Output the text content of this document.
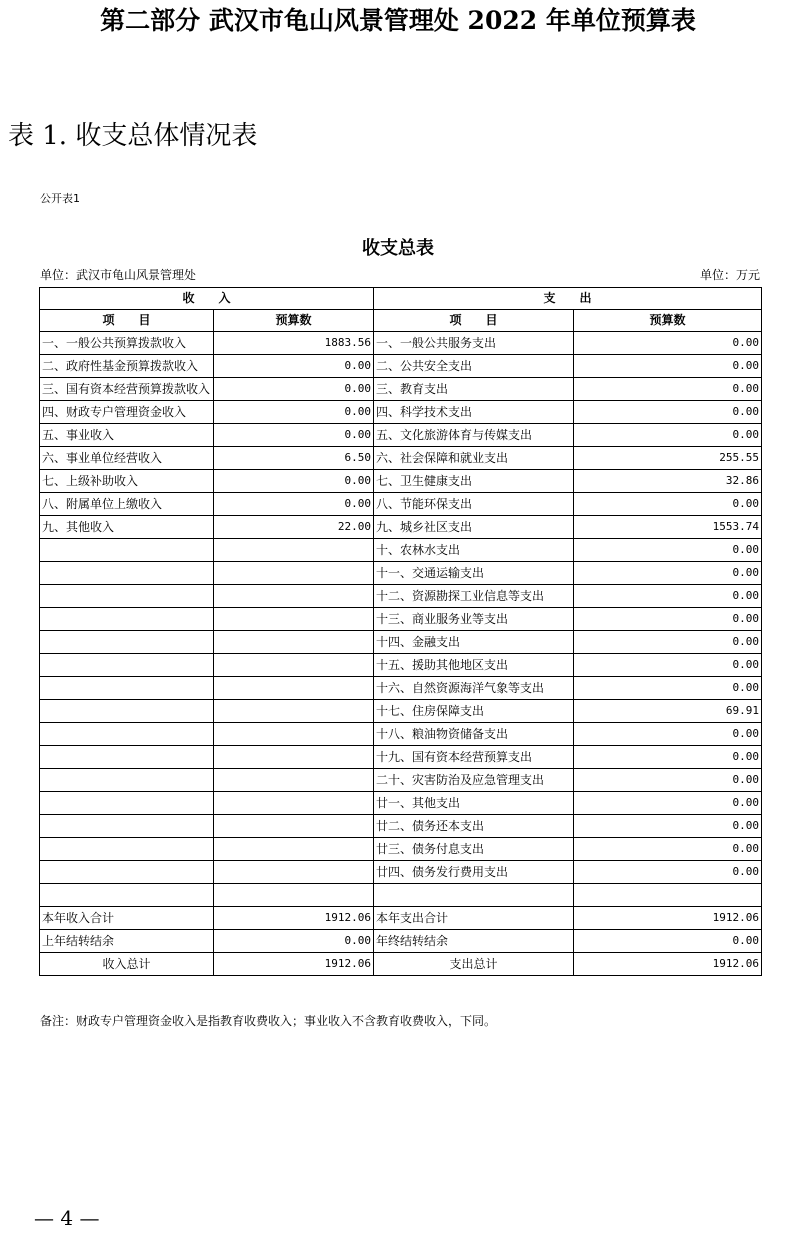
第二部分 武汉市龟山风景管理处 2022 年单位预算表
表 1. 收支总体情况表
公开表1
收支总表
单位：武汉市龟山风景管理处	单位：万元
收　　入		支　　出	
项　　目	预算数	项　　目	预算数
一、一般公共预算拨款收入	1883.56	一、一般公共服务支出	0.00
二、政府性基金预算拨款收入	0.00	二、公共安全支出	0.00
三、国有资本经营预算拨款收入	0.00	三、教育支出	0.00
四、财政专户管理资金收入	0.00	四、科学技术支出	0.00
五、事业收入	0.00	五、文化旅游体育与传媒支出	0.00
六、事业单位经营收入	6.50	六、社会保障和就业支出	255.55
七、上级补助收入	0.00	七、卫生健康支出	32.86
八、附属单位上缴收入	0.00	八、节能环保支出	0.00
九、其他收入	22.00	九、城乡社区支出	1553.74
		十、农林水支出	0.00
		十一、交通运输支出	0.00
		十二、资源勘探工业信息等支出	0.00
		十三、商业服务业等支出	0.00
		十四、金融支出	0.00
		十五、援助其他地区支出	0.00
		十六、自然资源海洋气象等支出	0.00
		十七、住房保障支出	69.91
		十八、粮油物资储备支出	0.00
		十九、国有资本经营预算支出	0.00
		二十、灾害防治及应急管理支出	0.00
		廿一、其他支出	0.00
		廿二、债务还本支出	0.00
		廿三、债务付息支出	0.00
		廿四、债务发行费用支出	0.00

本年收入合计	1912.06	本年支出合计	1912.06
上年结转结余	0.00	年终结转结余	0.00
收入总计	1912.06	支出总计	1912.06
备注：财政专户管理资金收入是指教育收费收入；事业收入不含教育收费收入，下同。
— 4 —
